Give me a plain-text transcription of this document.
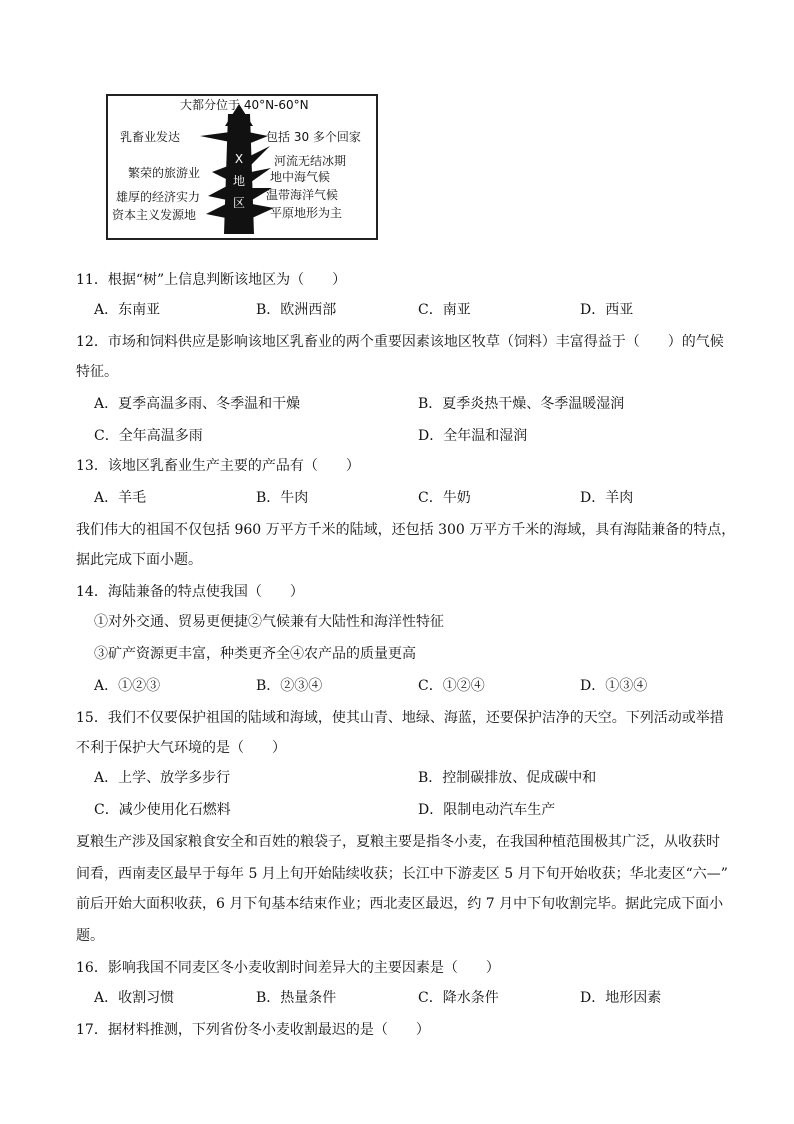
大都分位于 40°N-60°N
乳畜业发达
繁荣的旅游业
雄厚的经济实力
资本主义发源地
包括 30 多个回家
河流无结冰期
地中海气候
温带海洋气候
平原地形为主
X
地
区
11．根据“树”上信息判断该地区为（　　）
A．东南亚	B．欧洲西部	C．南亚	D．西亚
12．市场和饲料供应是影响该地区乳畜业的两个重要因素该地区牧草（饲料）丰富得益于（　　）的气候
特征。
A．夏季高温多雨、冬季温和干燥	B．夏季炎热干燥、冬季温暖湿润
C．全年高温多雨	D．全年温和湿润
13．该地区乳畜业生产主要的产品有（　　）
A．羊毛	B．牛肉	C．牛奶	D．羊肉
我们伟大的祖国不仅包括 960 万平方千米的陆域，还包括 300 万平方千米的海域，具有海陆兼备的特点，
据此完成下面小题。
14．海陆兼备的特点使我国（　　）
①对外交通、贸易更便捷②气候兼有大陆性和海洋性特征
③矿产资源更丰富，种类更齐全④农产品的质量更高
A．①②③	B．②③④	C．①②④	D．①③④
15．我们不仅要保护祖国的陆域和海域，使其山青、地绿、海蓝，还要保护洁净的天空。下列活动或举措
不利于保护大气环境的是（　　）
A．上学、放学多步行	B．控制碳排放、促成碳中和
C．减少使用化石燃料	D．限制电动汽车生产
夏粮生产涉及国家粮食安全和百姓的粮袋子，夏粮主要是指冬小麦，在我国种植范围极其广泛，从收获时
间看，西南麦区最早于每年 5 月上旬开始陆续收获；长江中下游麦区 5 月下旬开始收获；华北麦区“六—”
前后开始大面积收获，6 月下旬基本结束作业；西北麦区最迟，约 7 月中下旬收割完毕。据此完成下面小
题。
16．影响我国不同麦区冬小麦收割时间差异大的主要因素是（　　）
A．收割习惯	B．热量条件	C．降水条件	D．地形因素
17．据材料推测，下列省份冬小麦收割最迟的是（　　）
